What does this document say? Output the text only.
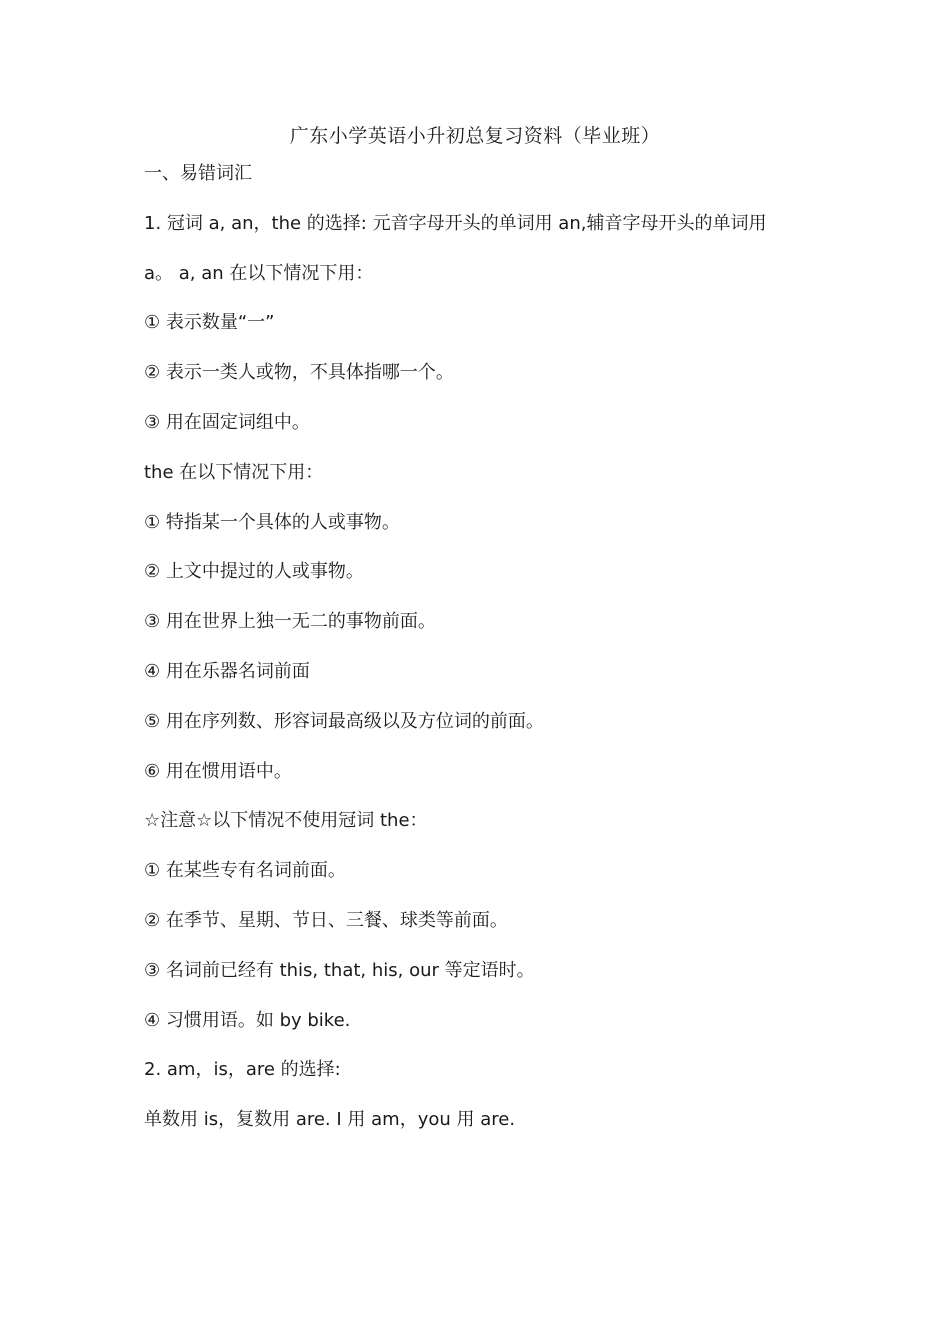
广东小学英语小升初总复习资料（毕业班）
一、易错词汇
1. 冠词 a, an，the 的选择: 元音字母开头的单词用 an,辅音字母开头的单词用
a。 a, an 在以下情况下用：
① 表示数量“一”
② 表示一类人或物，不具体指哪一个。
③ 用在固定词组中。
the 在以下情况下用：
① 特指某一个具体的人或事物。
② 上文中提过的人或事物。
③ 用在世界上独一无二的事物前面。
④ 用在乐器名词前面
⑤ 用在序列数、形容词最高级以及方位词的前面。
⑥ 用在惯用语中。
☆注意☆以下情况不使用冠词 the：
① 在某些专有名词前面。
② 在季节、星期、节日、三餐、球类等前面。
③ 名词前已经有 this, that, his, our 等定语时。
④ 习惯用语。如 by bike.
2. am，is，are 的选择:
单数用 is，复数用 are. I 用 am，you 用 are.
